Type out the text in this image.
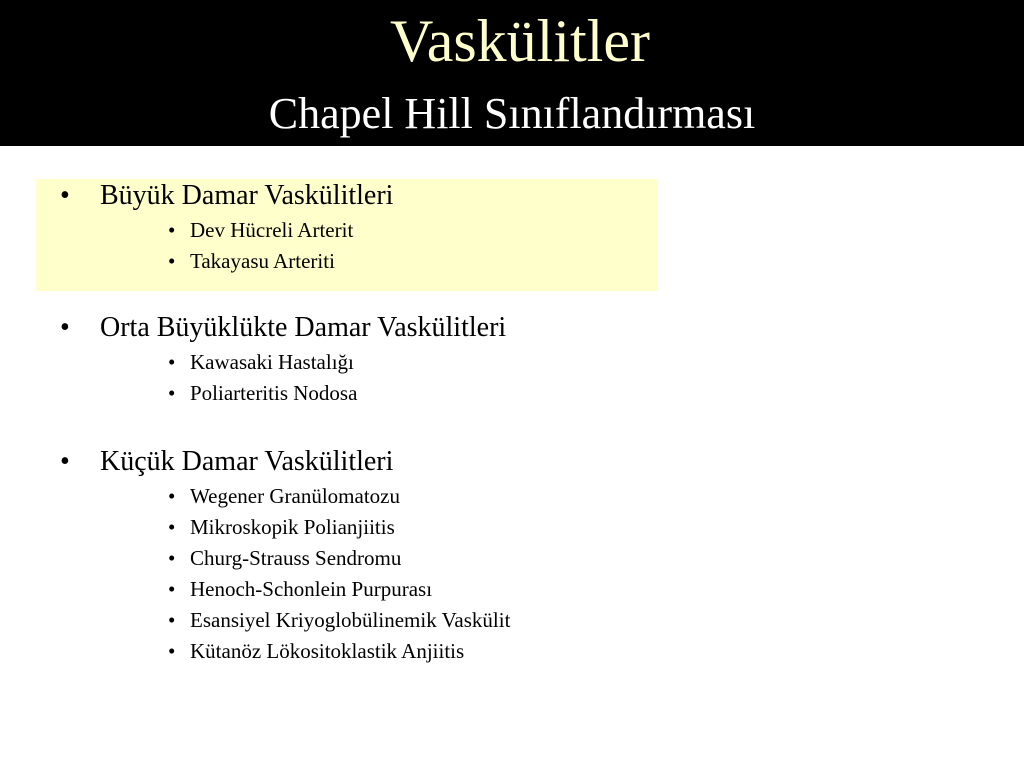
Vaskülitler
Chapel Hill Sınıflandırması
• Büyük Damar Vaskülitleri
• Dev Hücreli Arterit
• Takayasu Arteriti
• Orta Büyüklükte Damar Vaskülitleri
• Kawasaki Hastalığı
• Poliarteritis Nodosa
• Küçük Damar Vaskülitleri
• Wegener Granülomatozu
• Mikroskopik Polianjiitis
• Churg-Strauss Sendromu
• Henoch-Schonlein Purpurası
• Esansiyel Kriyoglobülinemik Vaskülit
• Kütanöz Lökositoklastik Anjiitis
